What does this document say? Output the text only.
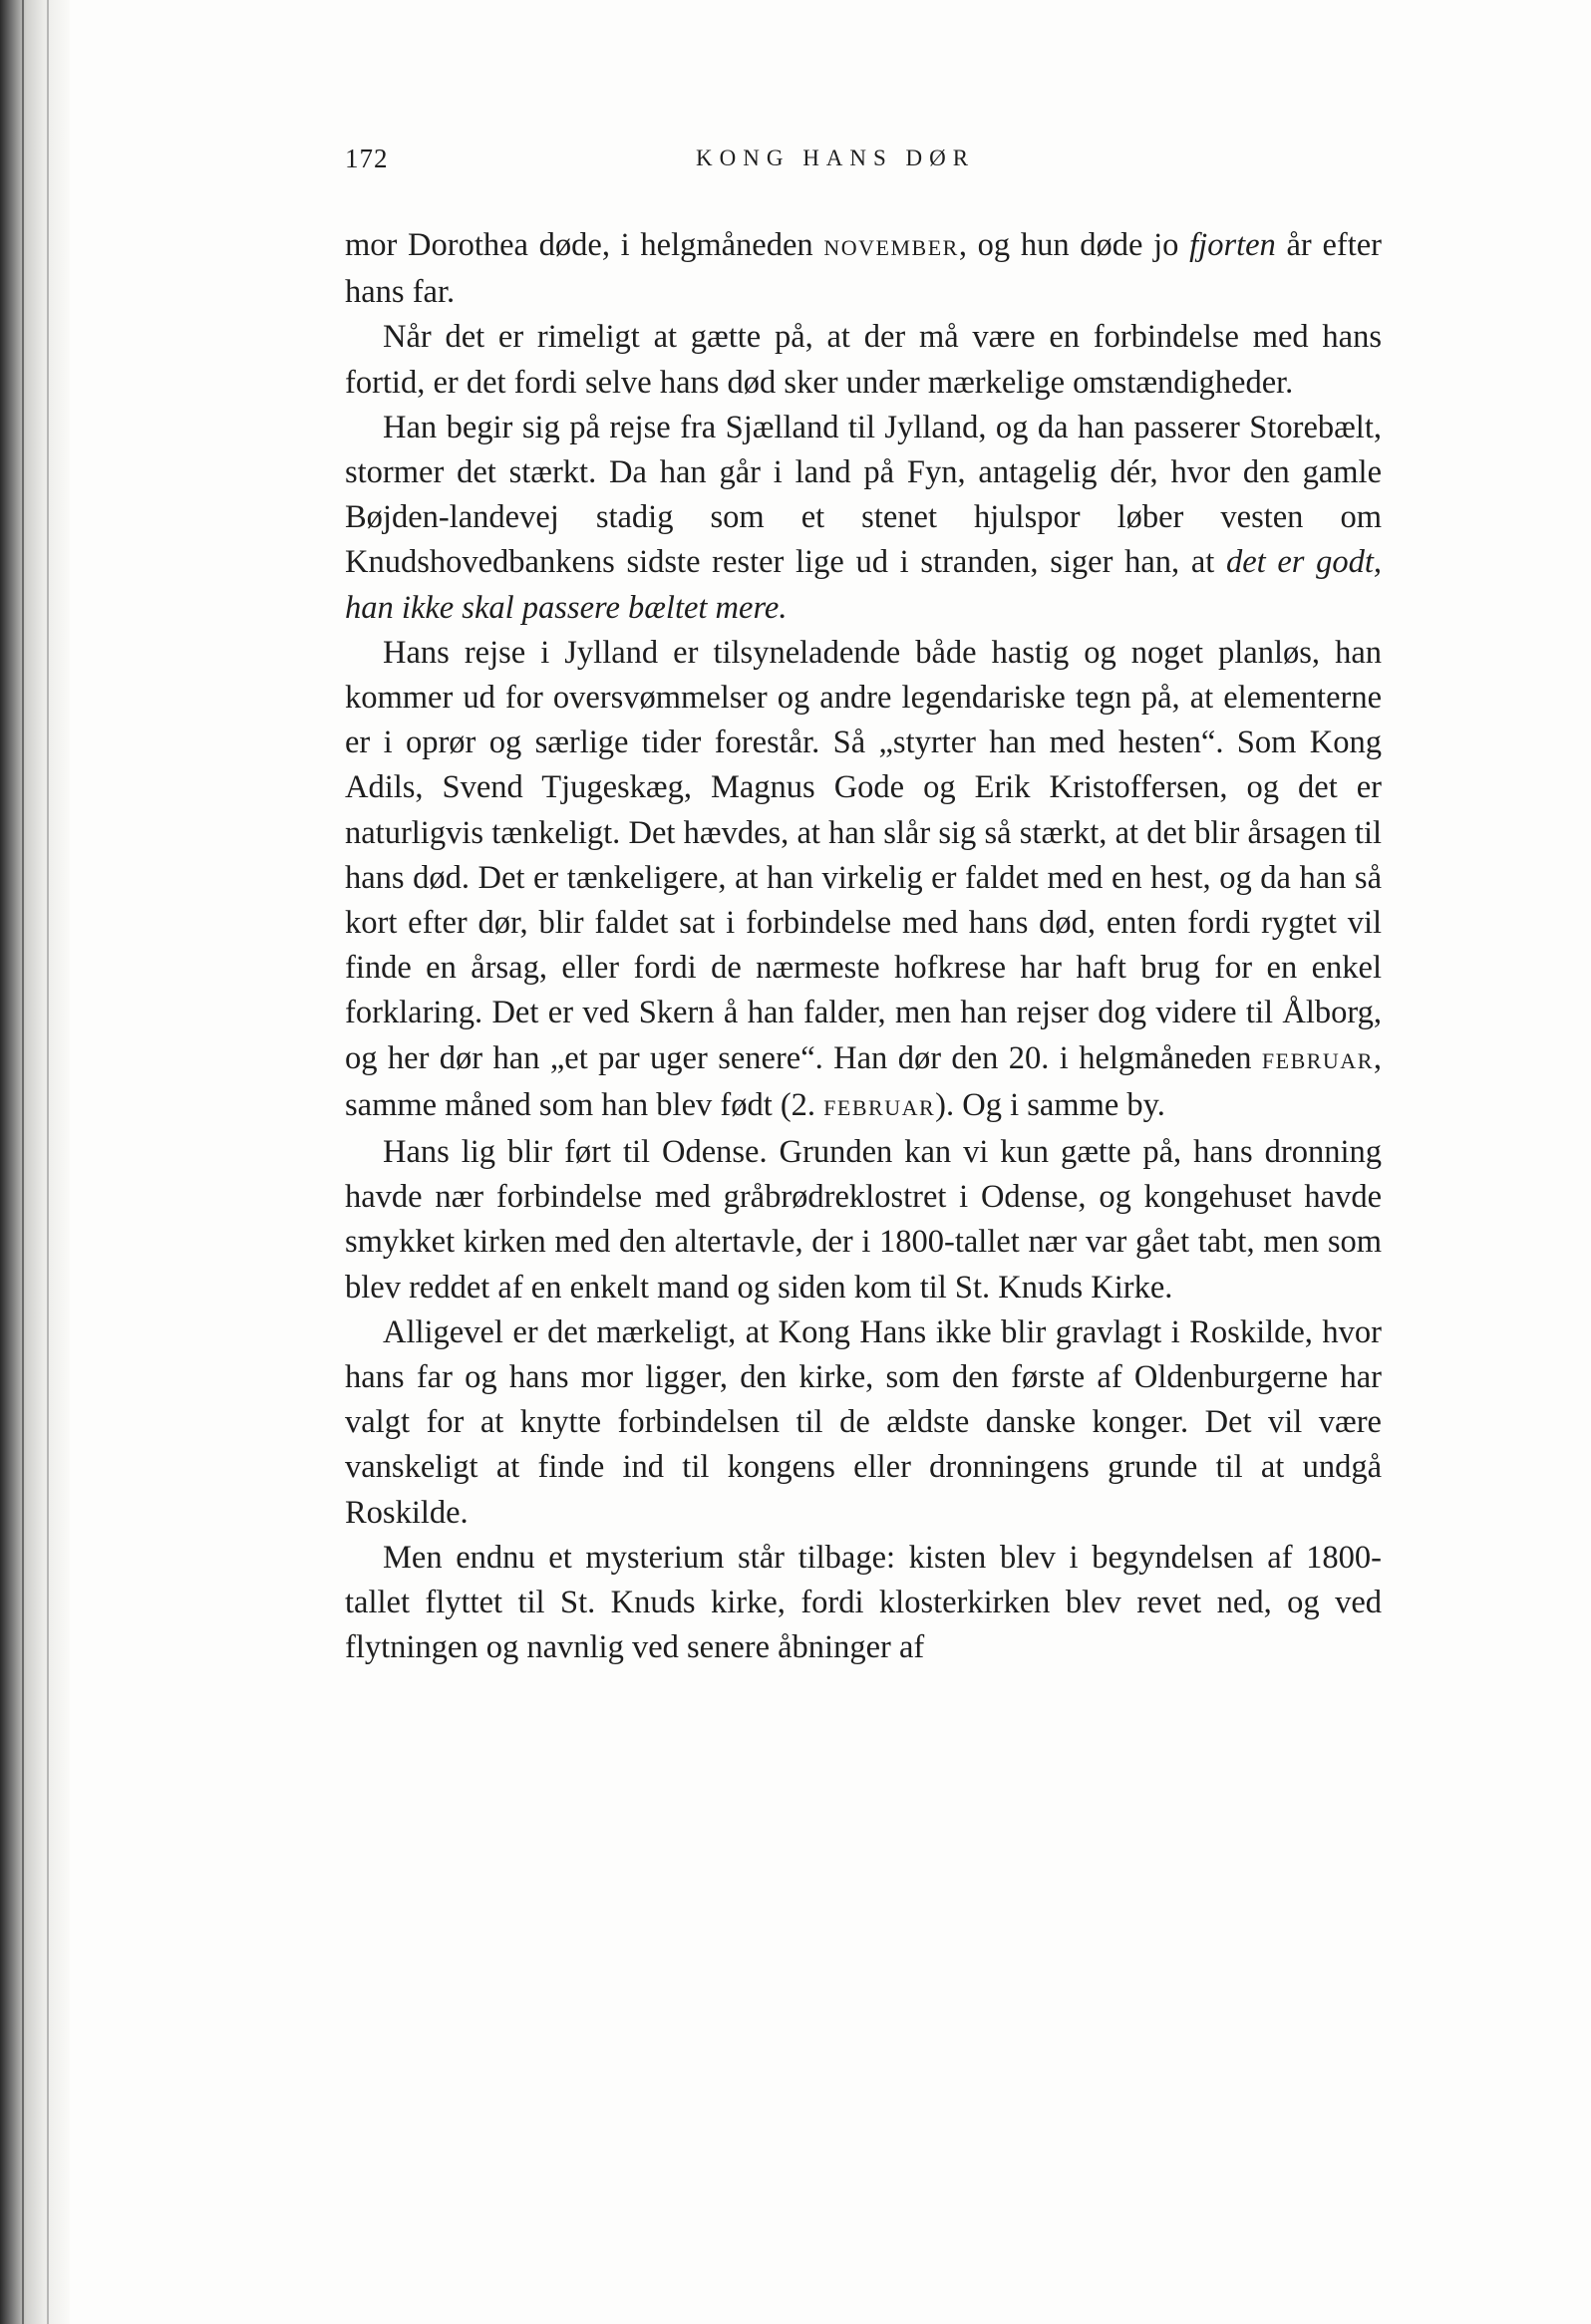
172	KONG HANS DØR

mor Dorothea døde, i helgmåneden NOVEMBER, og hun døde jo fjorten år efter hans far.

Når det er rimeligt at gætte på, at der må være en forbindelse med hans fortid, er det fordi selve hans død sker under mærkelige omstændigheder.

Han begir sig på rejse fra Sjælland til Jylland, og da han passerer Storebælt, stormer det stærkt. Da han går i land på Fyn, antagelig dér, hvor den gamle Bøjden-landevej stadig som et stenet hjulspor løber vesten om Knudshovedbankens sidste rester lige ud i stranden, siger han, at det er godt, han ikke skal passere bæltet mere.

Hans rejse i Jylland er tilsyneladende både hastig og noget planløs, han kommer ud for oversvømmelser og andre legendariske tegn på, at elementerne er i oprør og særlige tider forestår. Så „styrter han med hesten“. Som Kong Adils, Svend Tjugeskæg, Magnus Gode og Erik Kristoffersen, og det er naturligvis tænkeligt. Det hævdes, at han slår sig så stærkt, at det blir årsagen til hans død. Det er tænkeligere, at han virkelig er faldet med en hest, og da han så kort efter dør, blir faldet sat i forbindelse med hans død, enten fordi rygtet vil finde en årsag, eller fordi de nærmeste hofkrese har haft brug for en enkel forklaring. Det er ved Skern å han falder, men han rejser dog videre til Ålborg, og her dør han „et par uger senere“. Han dør den 20. i helgmåneden FEBRUAR, samme måned som han blev født (2. FEBRUAR). Og i samme by.

Hans lig blir ført til Odense. Grunden kan vi kun gætte på, hans dronning havde nær forbindelse med gråbrødreklostret i Odense, og kongehuset havde smykket kirken med den altertavle, der i 1800-tallet nær var gået tabt, men som blev reddet af en enkelt mand og siden kom til St. Knuds Kirke.

Alligevel er det mærkeligt, at Kong Hans ikke blir gravlagt i Roskilde, hvor hans far og hans mor ligger, den kirke, som den første af Oldenburgerne har valgt for at knytte forbindelsen til de ældste danske konger. Det vil være vanskeligt at finde ind til kongens eller dronningens grunde til at undgå Roskilde.

Men endnu et mysterium står tilbage: kisten blev i begyndelsen af 1800-tallet flyttet til St. Knuds kirke, fordi klosterkirken blev revet ned, og ved flytningen og navnlig ved senere åbninger af
